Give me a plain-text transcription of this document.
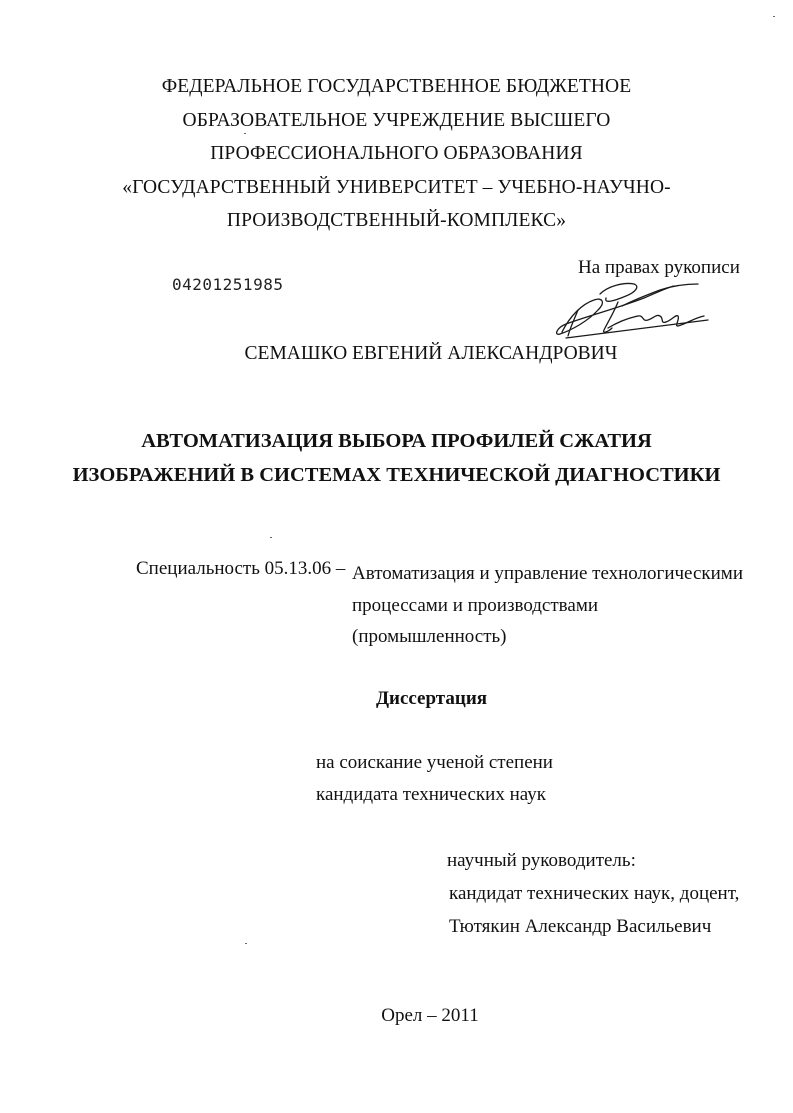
ФЕДЕРАЛЬНОЕ ГОСУДАРСТВЕННОЕ БЮДЖЕТНОЕ
ОБРАЗОВАТЕЛЬНОЕ УЧРЕЖДЕНИЕ ВЫСШЕГО
ПРОФЕССИОНАЛЬНОГО ОБРАЗОВАНИЯ
«ГОСУДАРСТВЕННЫЙ УНИВЕРСИТЕТ – УЧЕБНО-НАУЧНО-
ПРОИЗВОДСТВЕННЫЙ-КОМПЛЕКС»
04201251985
На правах рукописи
СЕМАШКО ЕВГЕНИЙ АЛЕКСАНДРОВИЧ
АВТОМАТИЗАЦИЯ ВЫБОРА ПРОФИЛЕЙ СЖАТИЯ
ИЗОБРАЖЕНИЙ В СИСТЕМАХ ТЕХНИЧЕСКОЙ ДИАГНОСТИКИ
Специальность 05.13.06 – Автоматизация и управление технологическими
процессами и производствами
(промышленность)
Диссертация
на соискание ученой степени
кандидата технических наук
научный руководитель:
кандидат технических наук, доцент,
Тютякин Александр Васильевич
Орел – 2011
